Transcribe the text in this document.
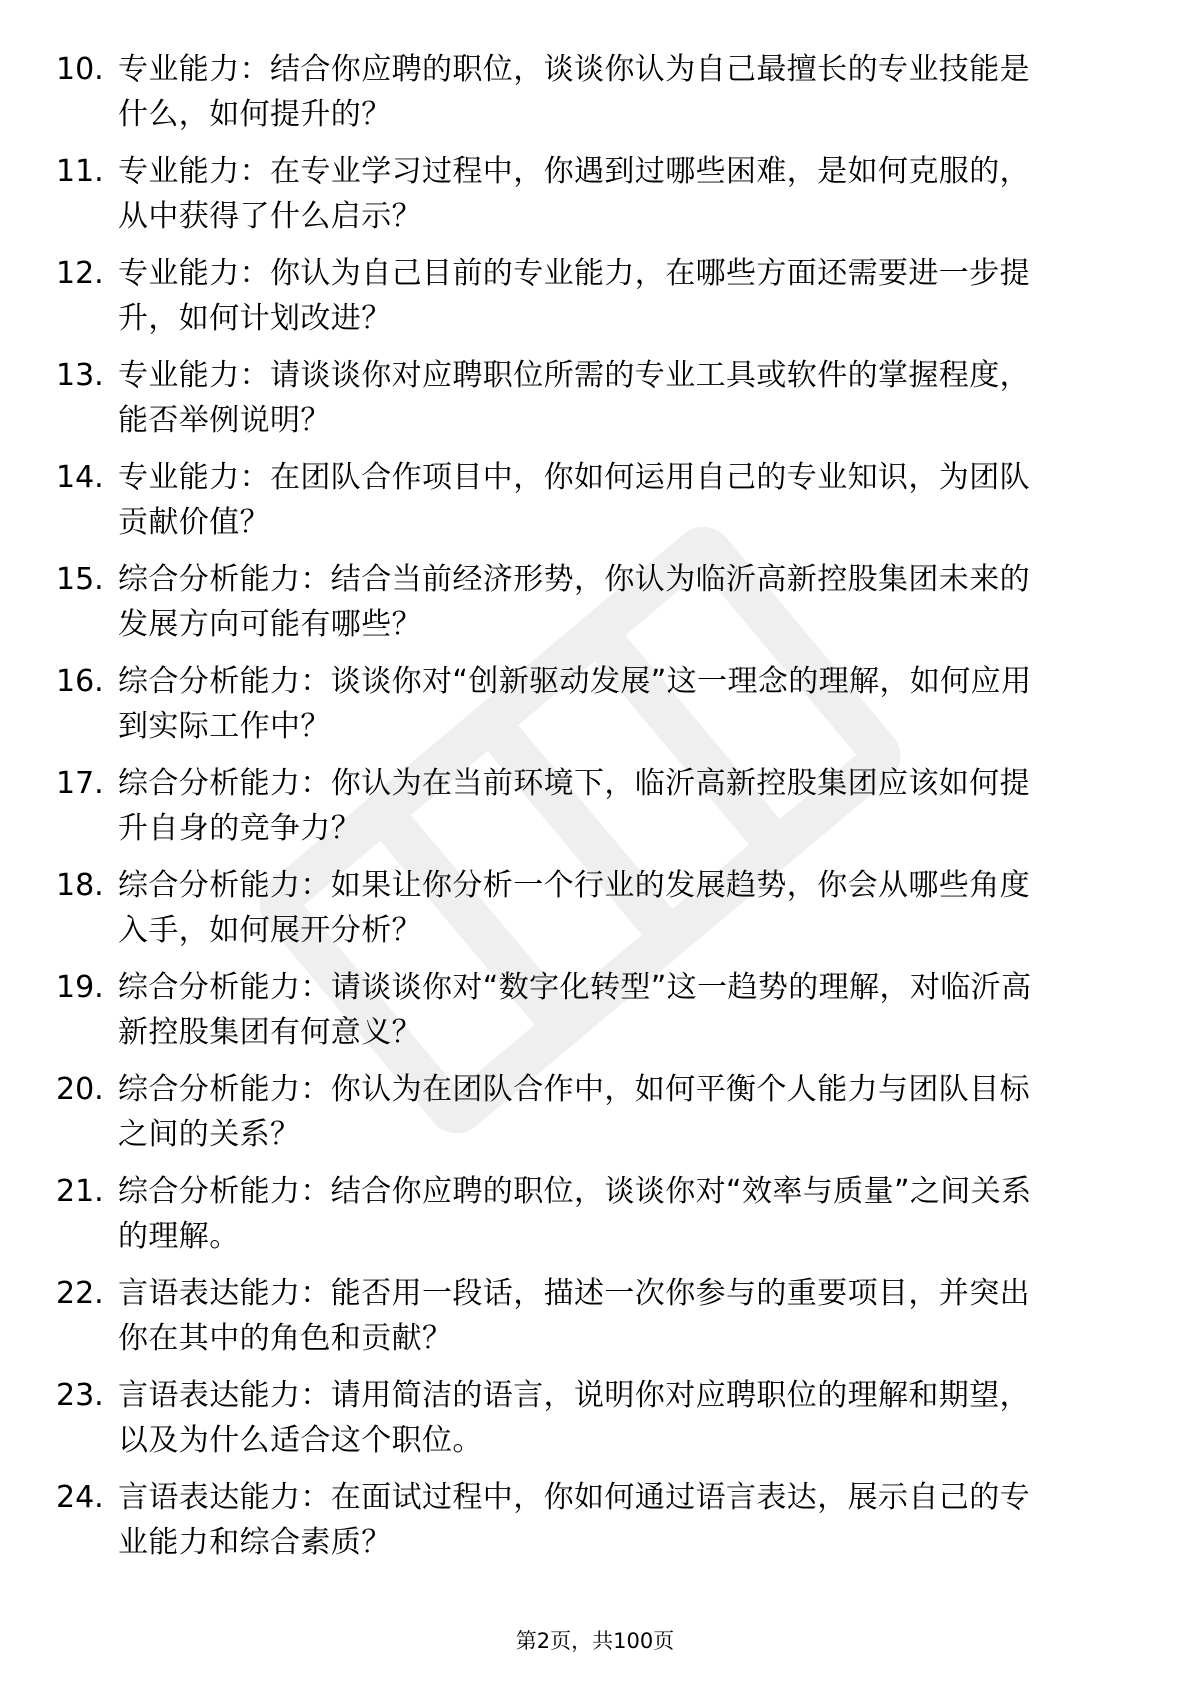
10. 专业能力：结合你应聘的职位，谈谈你认为自己最擅长的专业技能是什么，如何提升的？
11. 专业能力：在专业学习过程中，你遇到过哪些困难，是如何克服的，从中获得了什么启示？
12. 专业能力：你认为自己目前的专业能力，在哪些方面还需要进一步提升，如何计划改进？
13. 专业能力：请谈谈你对应聘职位所需的专业工具或软件的掌握程度，能否举例说明？
14. 专业能力：在团队合作项目中，你如何运用自己的专业知识，为团队贡献价值？
15. 综合分析能力：结合当前经济形势，你认为临沂高新控股集团未来的发展方向可能有哪些？
16. 综合分析能力：谈谈你对“创新驱动发展”这一理念的理解，如何应用到实际工作中？
17. 综合分析能力：你认为在当前环境下，临沂高新控股集团应该如何提升自身的竞争力？
18. 综合分析能力：如果让你分析一个行业的发展趋势，你会从哪些角度入手，如何展开分析？
19. 综合分析能力：请谈谈你对“数字化转型”这一趋势的理解，对临沂高新控股集团有何意义？
20. 综合分析能力：你认为在团队合作中，如何平衡个人能力与团队目标之间的关系？
21. 综合分析能力：结合你应聘的职位，谈谈你对“效率与质量”之间关系的理解。
22. 言语表达能力：能否用一段话，描述一次你参与的重要项目，并突出你在其中的角色和贡献？
23. 言语表达能力：请用简洁的语言，说明你对应聘职位的理解和期望，以及为什么适合这个职位。
24. 言语表达能力：在面试过程中，你如何通过语言表达，展示自己的专业能力和综合素质？
第2页，共100页
